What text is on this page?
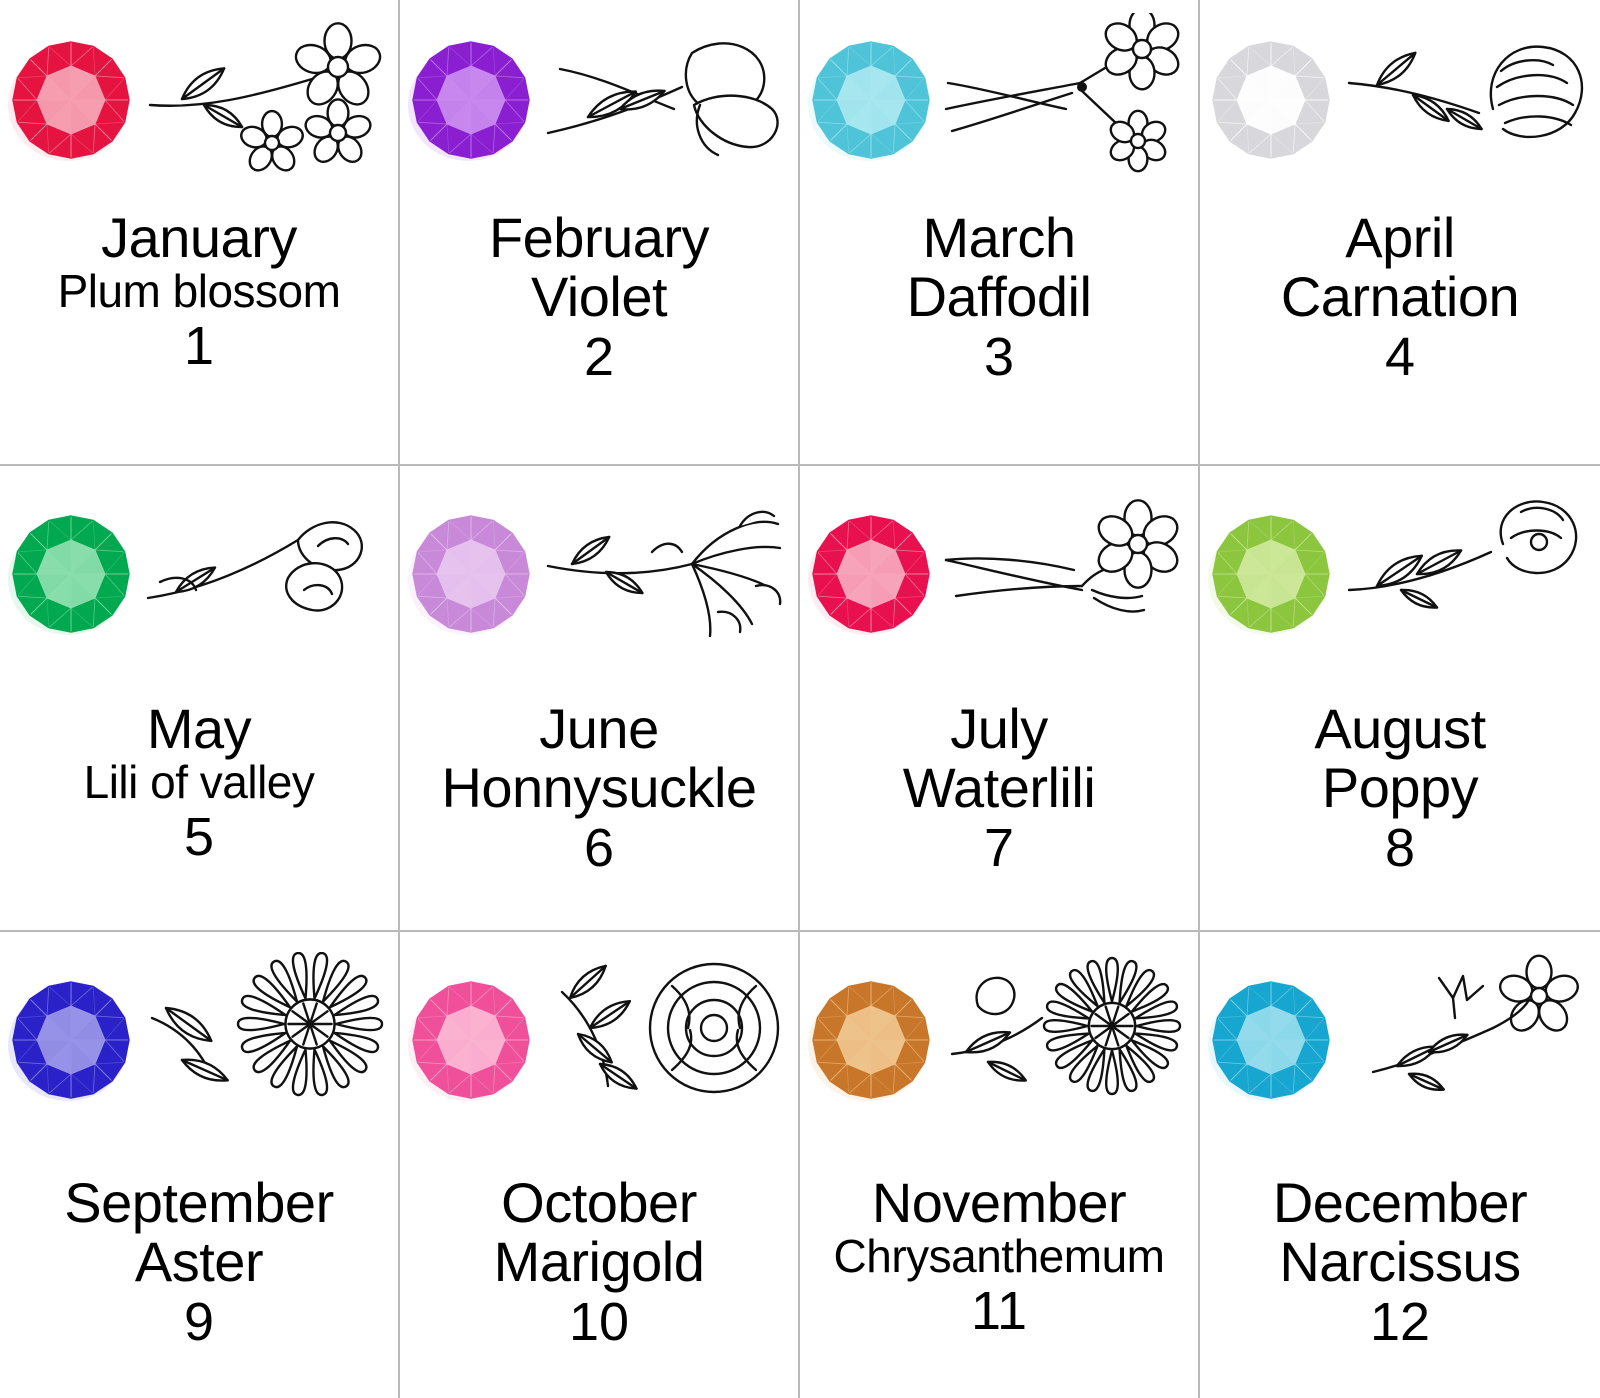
January
Plum blossom
1
February
Violet
2
March
Daffodil
3
April
Carnation
4
May
Lili of valley
5
June
Honnysuckle
6
July
Waterlili
7
August
Poppy
8
September
Aster
9
October
Marigold
10
November
Chrysanthemum
11
December
Narcissus
12
